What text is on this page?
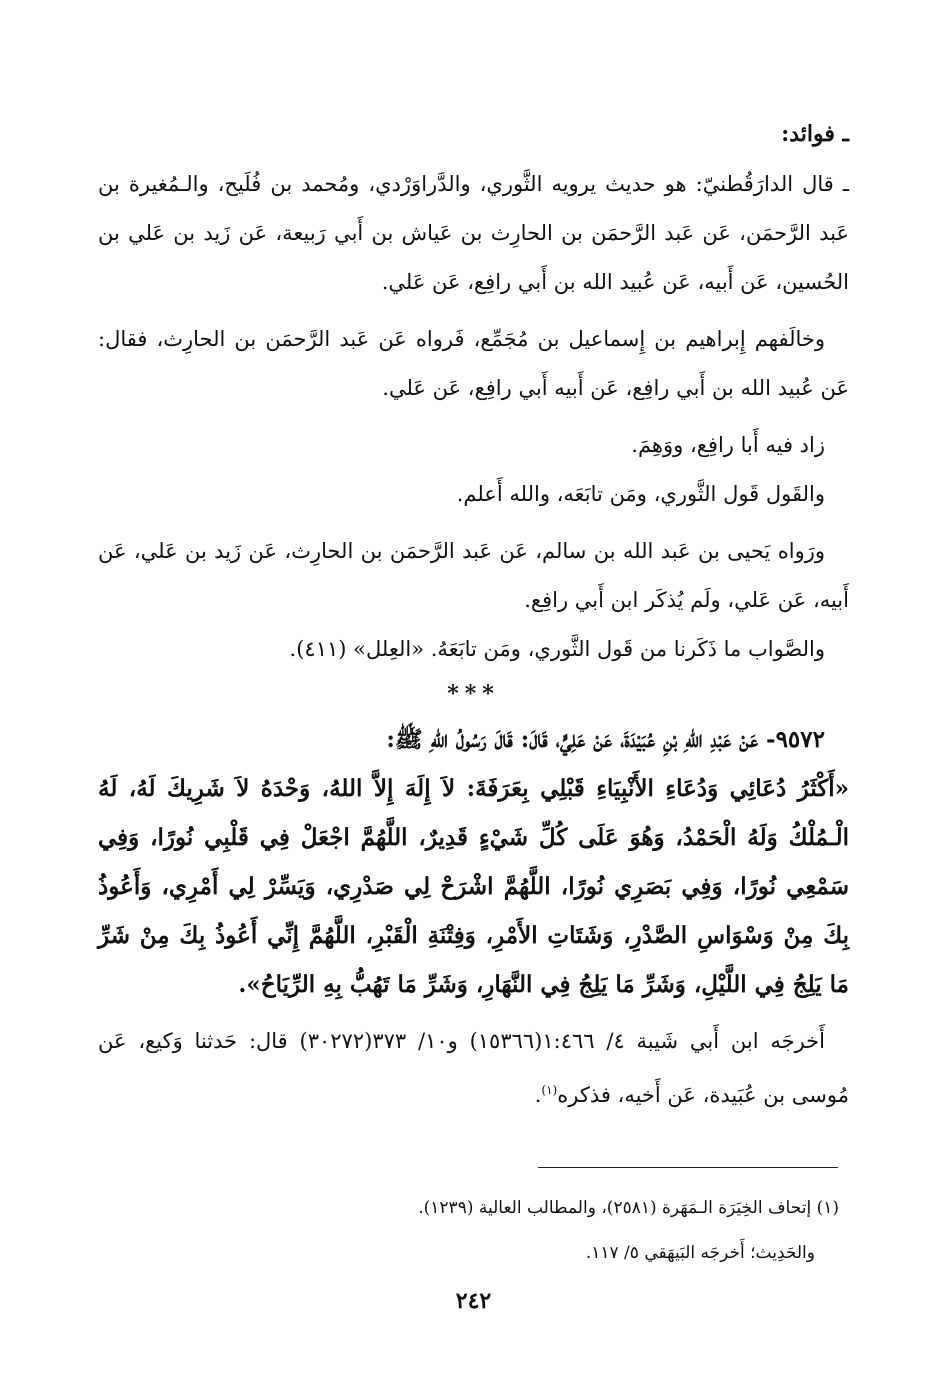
ـ فوائد:

ـ قال الدارَقُطنيّ: هو حديث يرويه الثَّوري، والدَّراوَرْدي، ومُحمد بن فُلَيح، والـمُغيرة بن عَبد الرَّحمَن، عَن عَبد الرَّحمَن بن الحارِث بن عَياش بن أَبي رَبيعة، عَن زَيد بن عَلي بن الحُسين، عَن أَبيه، عَن عُبيد الله بن أَبي رافِع، عَن عَلي.

وخالَفهم إِبراهيم بن إِسماعيل بن مُجَمِّع، فَرواه عَن عَبد الرَّحمَن بن الحارِث، فقال: عَن عُبيد الله بن أَبي رافِع، عَن أَبيه أَبي رافِع، عَن عَلي.

زاد فيه أَبا رافِع، ووَهِمَ.

والقَول قَول الثَّوري، ومَن تابَعَه، والله أَعلم.

ورَواه يَحيى بن عَبد الله بن سالم، عَن عَبد الرَّحمَن بن الحارِث، عَن زَيد بن عَلي، عَن أَبيه، عَن عَلي، ولَم يُذكَر ابن أَبي رافِع.

والصَّواب ما ذَكَرنا من قَول الثَّوري، ومَن تابَعَهُ. «العِلل» (٤١١).

***

٩٥٧٢- عَنْ عَبْدِ اللهِ بْنِ عُبَيْدَةَ، عَنْ عَلِيٍّ، قَالَ: قَالَ رَسُولُ اللهِ ﷺ:

«أَكْثَرُ دُعَائِي وَدُعَاءِ الأَنْبِيَاءِ قَبْلِي بِعَرَفَةَ: لاَ إِلَهَ إِلاَّ اللهُ، وَحْدَهُ لاَ شَرِيكَ لَهُ، لَهُ الْـمُلْكُ وَلَهُ الْحَمْدُ، وَهُوَ عَلَى كُلِّ شَيْءٍ قَدِيرٌ، اللَّهُمَّ اجْعَلْ فِي قَلْبِي نُورًا، وَفِي سَمْعِي نُورًا، وَفِي بَصَرِي نُورًا، اللَّهُمَّ اشْرَحْ لِي صَدْرِي، وَيَسِّرْ لِي أَمْرِي، وَأَعُوذُ بِكَ مِنْ وَسْوَاسِ الصَّدْرِ، وَشَتَاتِ الأَمْرِ، وَفِتْنَةِ الْقَبْرِ، اللَّهُمَّ إِنِّي أَعُوذُ بِكَ مِنْ شَرِّ مَا يَلِجُ فِي اللَّيْلِ، وَشَرِّ مَا يَلِجُ فِي النَّهَارِ، وَشَرِّ مَا تَهُبُّ بِهِ الرِّيَاحُ».

أَخرجَه ابن أَبي شَيبة ٤/ ١:٤٦٦(١٥٣٦٦) و١٠/ ٣٧٣(٣٠٢٧٢) قال: حَدثنا وَكيع، عَن مُوسى بن عُبَيدة، عَن أَخيه، فذكره$^{(١)}$.

(١) إتحاف الخِيَرَة الـمَهَرة (٢٥٨١)، والمطالب العالية (١٢٣٩).

والحَدِيث؛ أَخرجَه البَيهَقي ٥/ ١١٧.

٢٤٢
